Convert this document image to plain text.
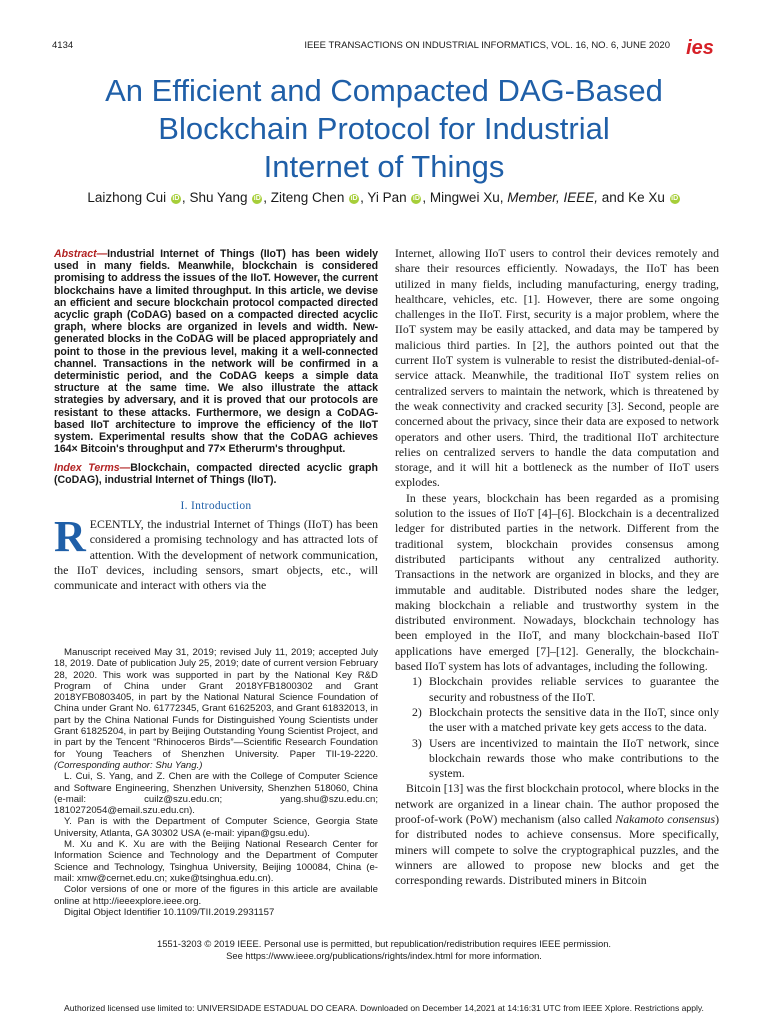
4134	IEEE TRANSACTIONS ON INDUSTRIAL INFORMATICS, VOL. 16, NO. 6, JUNE 2020 ies
An Efficient and Compacted DAG-Based
Blockchain Protocol for Industrial
Internet of Things
Laizhong Cui iD , Shu Yang iD , Ziteng Chen iD , Yi Pan iD , Mingwei Xu, Member, IEEE, and Ke Xu iD
Abstract—Industrial Internet of Things (IIoT) has been widely used in many fields. Meanwhile, blockchain is considered promising to address the issues of the IIoT. However, the current blockchains have a limited throughput. In this article, we devise an efficient and secure blockchain protocol compacted directed acyclic graph (CoDAG) based on a compacted directed acyclic graph, where blocks are organized in levels and width. New-generated blocks in the CoDAG will be placed appropriately and point to those in the previous level, making it a well-connected channel. Transactions in the network will be confirmed in a deterministic period, and the CoDAG keeps a simple data structure at the same time. We also illustrate the attack strategies by adversary, and it is proved that our protocols are resistant to these attacks. Furthermore, we design a CoDAG-based IIoT architecture to improve the efficiency of the IIoT system. Experimental results show that the CoDAG achieves 164× Bitcoin's throughput and 77× Etherurm's throughput.
Index Terms—Blockchain, compacted directed acyclic graph (CoDAG), industrial Internet of Things (IIoT).
I. Introduction
RECENTLY, the industrial Internet of Things (IIoT) has been considered a promising technology and has attracted lots of attention. With the development of network communication, the IIoT devices, including sensors, smart objects, etc., will communicate and interact with others via the

Manuscript received May 31, 2019; revised July 11, 2019; accepted July 18, 2019. Date of publication July 25, 2019; date of current version February 28, 2020. This work was supported in part by the National Key R&D Program of China under Grant 2018YFB1800302 and Grant 2018YFB0803405, in part by the National Natural Science Foundation of China under Grant No. 61772345, Grant 61625203, and Grant 61832013, in part by the China National Funds for Distinguished Young Scientists under Grant 61825204, in part by Beijing Outstanding Young Scientist Project, and in part by the Tencent “Rhinoceros Birds”—Scientific Research Foundation for Young Teachers of Shenzhen University. Paper TII-19-2220. (Corresponding author: Shu Yang.)

L. Cui, S. Yang, and Z. Chen are with the College of Computer Science and Software Engineering, Shenzhen University, Shenzhen 518060, China (e-mail: cuilz@szu.edu.cn; yang.shu@szu.edu.cn; 1810272054@email.szu.edu.cn).

Y. Pan is with the Department of Computer Science, Georgia State University, Atlanta, GA 30302 USA (e-mail: yipan@gsu.edu).

M. Xu and K. Xu are with the Beijing National Research Center for Information Science and Technology and the Department of Computer Science and Technology, Tsinghua University, Beijing 100084, China (e-mail: xmw@cernet.edu.cn; xuke@tsinghua.edu.cn).

Color versions of one or more of the figures in this article are available online at http://ieeexplore.ieee.org.

Digital Object Identifier 10.1109/TII.2019.2931157

Internet, allowing IIoT users to control their devices remotely and share their resources efficiently. Nowadays, the IIoT has been utilized in many fields, including manufacturing, energy trading, healthcare, vehicles, etc. [1]. However, there are some ongoing challenges in the IIoT. First, security is a major problem, where the IIoT system may be easily attacked, and data may be tampered by malicious third parties. In [2], the authors pointed out that the current IIoT system is vulnerable to resist the distributed-denial-of-service attack. Meanwhile, the traditional IIoT system relies on centralized servers to maintain the network, which is threatened by the weak connectivity and cracked security [3]. Second, people are concerned about the privacy, since their data are exposed to network operators and other users. Third, the traditional IIoT architecture relies on centralized servers to handle the data computation and storage, and it will hit a bottleneck as the number of IIoT users explodes.

In these years, blockchain has been regarded as a promising solution to the issues of IIoT [4]–[6]. Blockchain is a decentralized ledger for distributed parties in the network. Different from the traditional system, blockchain provides consensus among distributed participants without any centralized authority. Transactions in the network are organized in blocks, and they are immutable and auditable. Distributed nodes share the ledger, making blockchain a reliable and trustworthy system in the distributed environment. Nowadays, blockchain technology has been employed in the IIoT, and many blockchain-based IIoT applications have emerged [7]–[12]. Generally, the blockchain-based IIoT system has lots of advantages, including the following.

1) Blockchain provides reliable services to guarantee the security and robustness of the IIoT.
2) Blockchain protects the sensitive data in the IIoT, since only the user with a matched private key gets access to the data.
3) Users are incentivized to maintain the IIoT network, since blockchain rewards those who make contributions to the system.

Bitcoin [13] was the first blockchain protocol, where blocks in the network are organized in a linear chain. The author proposed the proof-of-work (PoW) mechanism (also called Nakamoto consensus) for distributed nodes to achieve consensus. More specifically, miners will compete to solve the cryptographical puzzles, and the winners are allowed to propose new blocks and get the corresponding rewards. Distributed miners in Bitcoin

1551-3203 © 2019 IEEE. Personal use is permitted, but republication/redistribution requires IEEE permission.
See https://www.ieee.org/publications/rights/index.html for more information.
Authorized licensed use limited to: UNIVERSIDADE ESTADUAL DO CEARA. Downloaded on December 14,2021 at 14:16:31 UTC from IEEE Xplore. Restrictions apply.
